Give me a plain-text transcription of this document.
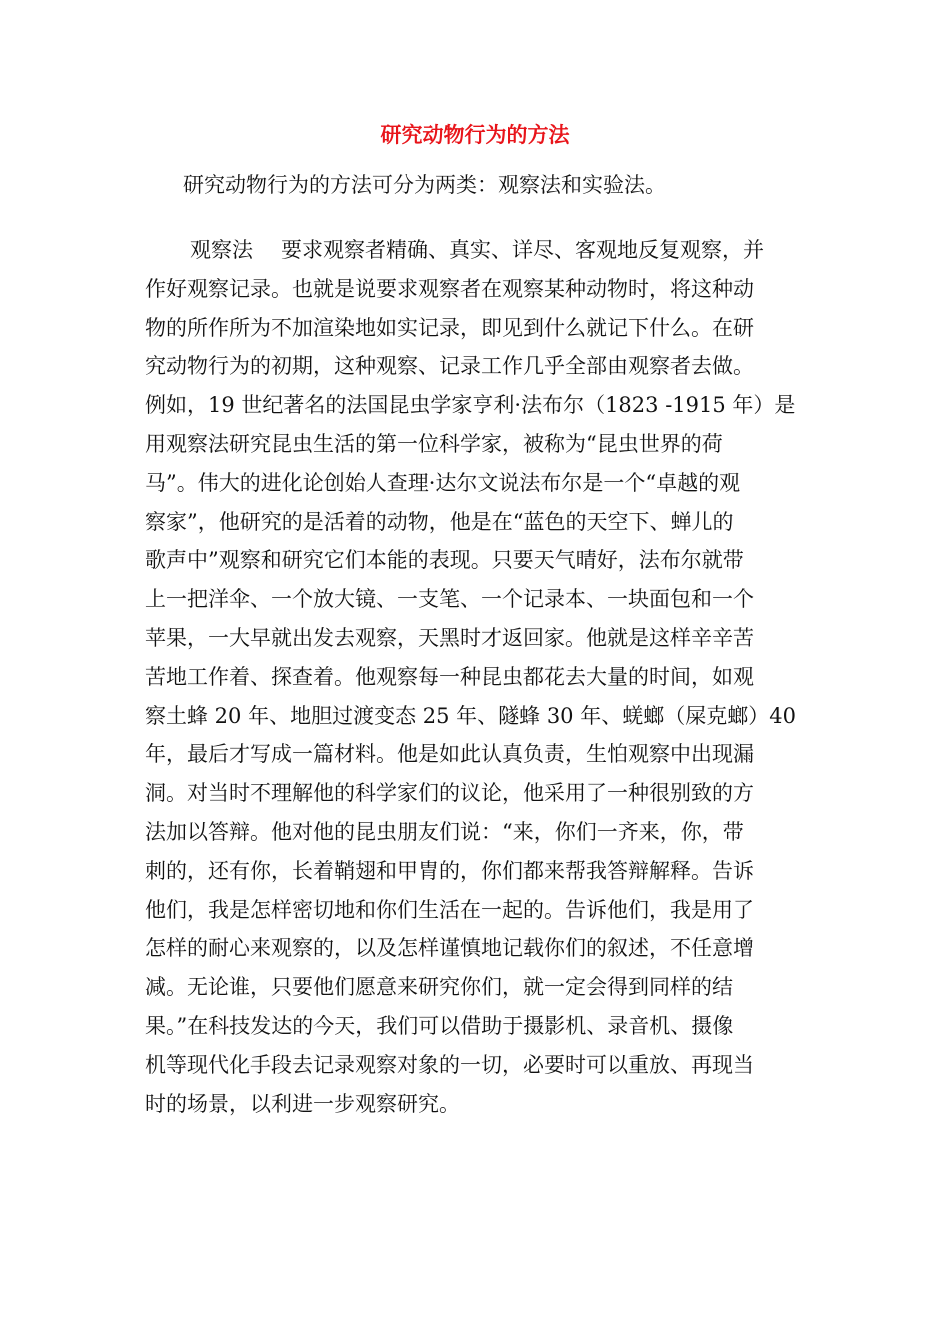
研究动物行为的方法

研究动物行为的方法可分为两类：观察法和实验法。

观察法 要求观察者精确、真实、详尽、客观地反复观察，并
作好观察记录。也就是说要求观察者在观察某种动物时，将这种动
物的所作所为不加渲染地如实记录，即见到什么就记下什么。在研
究动物行为的初期，这种观察、记录工作几乎全部由观察者去做。
例如，19 世纪著名的法国昆虫学家亨利·法布尔（1823 -1915 年）是
用观察法研究昆虫生活的第一位科学家，被称为“昆虫世界的荷
马”。伟大的进化论创始人查理·达尔文说法布尔是一个“卓越的观
察家”，他研究的是活着的动物，他是在“蓝色的天空下、蝉儿的
歌声中”观察和研究它们本能的表现。只要天气晴好，法布尔就带
上一把洋伞、一个放大镜、一支笔、一个记录本、一块面包和一个
苹果，一大早就出发去观察，天黑时才返回家。他就是这样辛辛苦
苦地工作着、探查着。他观察每一种昆虫都花去大量的时间，如观
察土蜂 20 年、地胆过渡变态 25 年、隧蜂 30 年、蜣螂（屎克螂）40
年，最后才写成一篇材料。他是如此认真负责，生怕观察中出现漏
洞。对当时不理解他的科学家们的议论，他采用了一种很别致的方
法加以答辩。他对他的昆虫朋友们说：“来，你们一齐来，你，带
刺的，还有你，长着鞘翅和甲胄的，你们都来帮我答辩解释。告诉
他们，我是怎样密切地和你们生活在一起的。告诉他们，我是用了
怎样的耐心来观察的，以及怎样谨慎地记载你们的叙述，不任意增
减。无论谁，只要他们愿意来研究你们，就一定会得到同样的结
果。”在科技发达的今天，我们可以借助于摄影机、录音机、摄像
机等现代化手段去记录观察对象的一切，必要时可以重放、再现当
时的场景，以利进一步观察研究。
